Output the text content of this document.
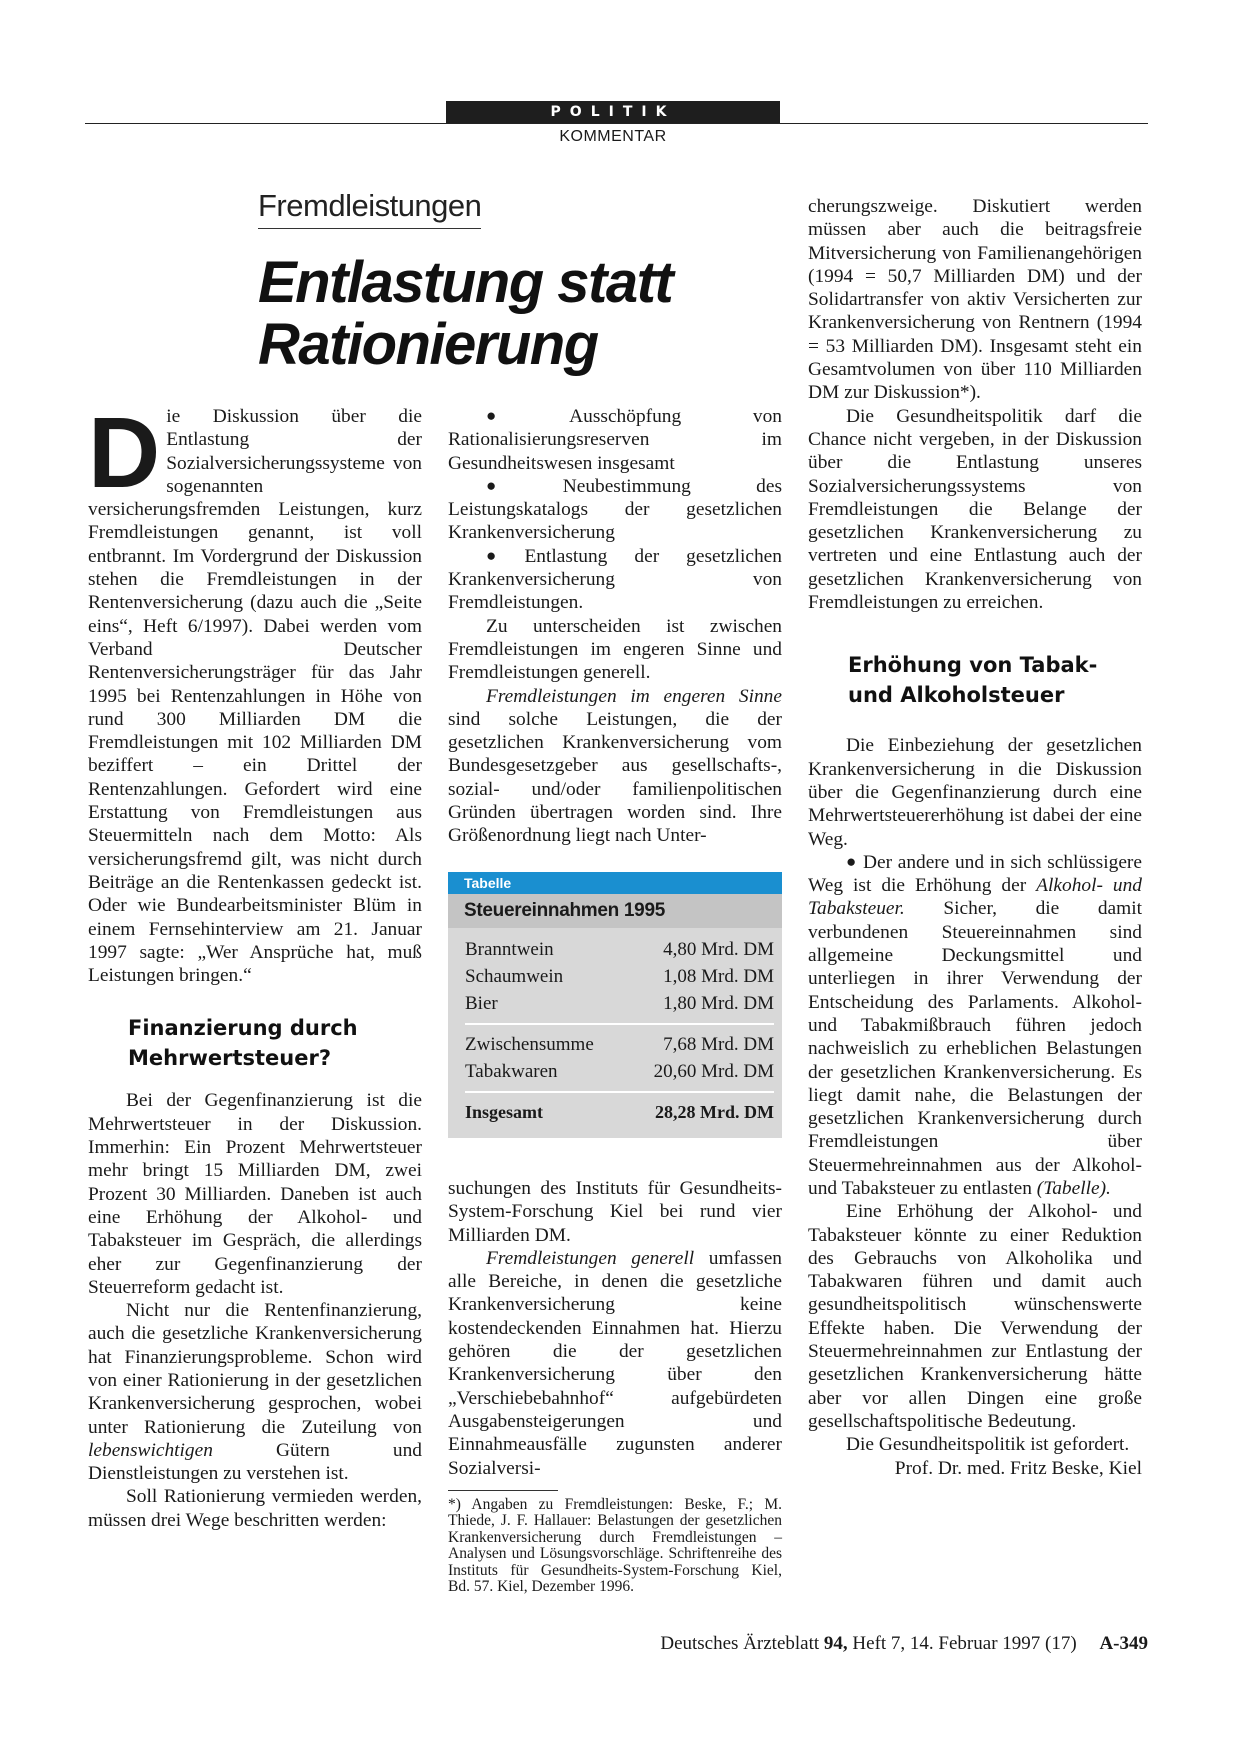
POLITIK
KOMMENTAR
Fremdleistungen
Entlastung statt
Rationierung

Die Diskussion über die Entlastung der Sozialversicherungssysteme von sogenannten versicherungsfremden Leistungen, kurz Fremdleistungen genannt, ist voll entbrannt. Im Vordergrund der Diskussion stehen die Fremdleistungen in der Rentenversicherung (dazu auch die „Seite eins“, Heft 6/1997). Dabei werden vom Verband Deutscher Rentenversicherungsträger für das Jahr 1995 bei Rentenzahlungen in Höhe von rund 300 Milliarden DM die Fremdleistungen mit 102 Milliarden DM beziffert – ein Drittel der Rentenzahlungen. Gefordert wird eine Erstattung von Fremdleistungen aus Steuermitteln nach dem Motto: Als versicherungsfremd gilt, was nicht durch Beiträge an die Rentenkassen gedeckt ist. Oder wie Bundearbeitsminister Blüm in einem Fernsehinterview am 21. Januar 1997 sagte: „Wer Ansprüche hat, muß Leistungen bringen.“

Finanzierung durch
Mehrwertsteuer?

Bei der Gegenfinanzierung ist die Mehrwertsteuer in der Diskussion. Immerhin: Ein Prozent Mehrwertsteuer mehr bringt 15 Milliarden DM, zwei Prozent 30 Milliarden. Daneben ist auch eine Erhöhung der Alkohol- und Tabaksteuer im Gespräch, die allerdings eher zur Gegenfinanzierung der Steuerreform gedacht ist.

Nicht nur die Rentenfinanzierung, auch die gesetzliche Krankenversicherung hat Finanzierungsprobleme. Schon wird von einer Rationierung in der gesetzlichen Krankenversicherung gesprochen, wobei unter Rationierung die Zuteilung von lebenswichtigen Gütern und Dienstleistungen zu verstehen ist.

Soll Rationierung vermieden werden, müssen drei Wege beschritten werden:

● Ausschöpfung von Rationalisierungsreserven im Gesundheitswesen insgesamt

● Neubestimmung des Leistungskatalogs der gesetzlichen Krankenversicherung

● Entlastung der gesetzlichen Krankenversicherung von Fremdleistungen.

Zu unterscheiden ist zwischen Fremdleistungen im engeren Sinne und Fremdleistungen generell.

Fremdleistungen im engeren Sinne sind solche Leistungen, die der gesetzlichen Krankenversicherung vom Bundesgesetzgeber aus gesellschafts-, sozial- und/oder familienpolitischen Gründen übertragen worden sind. Ihre Größenordnung liegt nach Unter-

Tabelle
Steuereinnahmen 1995
Branntwein	4,80 Mrd. DM
Schaumwein	1,08 Mrd. DM
Bier	1,80 Mrd. DM
Zwischensumme	7,68 Mrd. DM
Tabakwaren	20,60 Mrd. DM
Insgesamt	28,28 Mrd. DM

suchungen des Instituts für Gesundheits-System-Forschung Kiel bei rund vier Milliarden DM.

Fremdleistungen generell umfassen alle Bereiche, in denen die gesetzliche Krankenversicherung keine kostendeckenden Einnahmen hat. Hierzu gehören die der gesetzlichen Krankenversicherung über den „Verschiebebahnhof“ aufgebürdeten Ausgabensteigerungen und Einnahmeausfälle zugunsten anderer Sozialversi-

*) Angaben zu Fremdleistungen: Beske, F.; M. Thiede, J. F. Hallauer: Belastungen der gesetzlichen Krankenversicherung durch Fremdleistungen – Analysen und Lösungsvorschläge. Schriftenreihe des Instituts für Gesundheits-System-Forschung Kiel, Bd. 57. Kiel, Dezember 1996.

cherungszweige. Diskutiert werden müssen aber auch die beitragsfreie Mitversicherung von Familienangehörigen (1994 = 50,7 Milliarden DM) und der Solidartransfer von aktiv Versicherten zur Krankenversicherung von Rentnern (1994 = 53 Milliarden DM). Insgesamt steht ein Gesamtvolumen von über 110 Milliarden DM zur Diskussion*).

Die Gesundheitspolitik darf die Chance nicht vergeben, in der Diskussion über die Entlastung unseres Sozialversicherungssystems von Fremdleistungen die Belange der gesetzlichen Krankenversicherung zu vertreten und eine Entlastung auch der gesetzlichen Krankenversicherung von Fremdleistungen zu erreichen.

Erhöhung von Tabak-
und Alkoholsteuer

Die Einbeziehung der gesetzlichen Krankenversicherung in die Diskussion über die Gegenfinanzierung durch eine Mehrwertsteuererhöhung ist dabei der eine Weg.

● Der andere und in sich schlüssigere Weg ist die Erhöhung der Alkohol- und Tabaksteuer. Sicher, die damit verbundenen Steuereinnahmen sind allgemeine Deckungsmittel und unterliegen in ihrer Verwendung der Entscheidung des Parlaments. Alkohol- und Tabakmißbrauch führen jedoch nachweislich zu erheblichen Belastungen der gesetzlichen Krankenversicherung. Es liegt damit nahe, die Belastungen der gesetzlichen Krankenversicherung durch Fremdleistungen über Steuermehreinnahmen aus der Alkohol- und Tabaksteuer zu entlasten (Tabelle).

Eine Erhöhung der Alkohol- und Tabaksteuer könnte zu einer Reduktion des Gebrauchs von Alkoholika und Tabakwaren führen und damit auch gesundheitspolitisch wünschenswerte Effekte haben. Die Verwendung der Steuermehreinnahmen zur Entlastung der gesetzlichen Krankenversicherung hätte aber vor allen Dingen eine große gesellschaftspolitische Bedeutung.

Die Gesundheitspolitik ist gefordert.

Prof. Dr. med. Fritz Beske, Kiel

Deutsches Ärzteblatt 94, Heft 7, 14. Februar 1997 (17) A-349
